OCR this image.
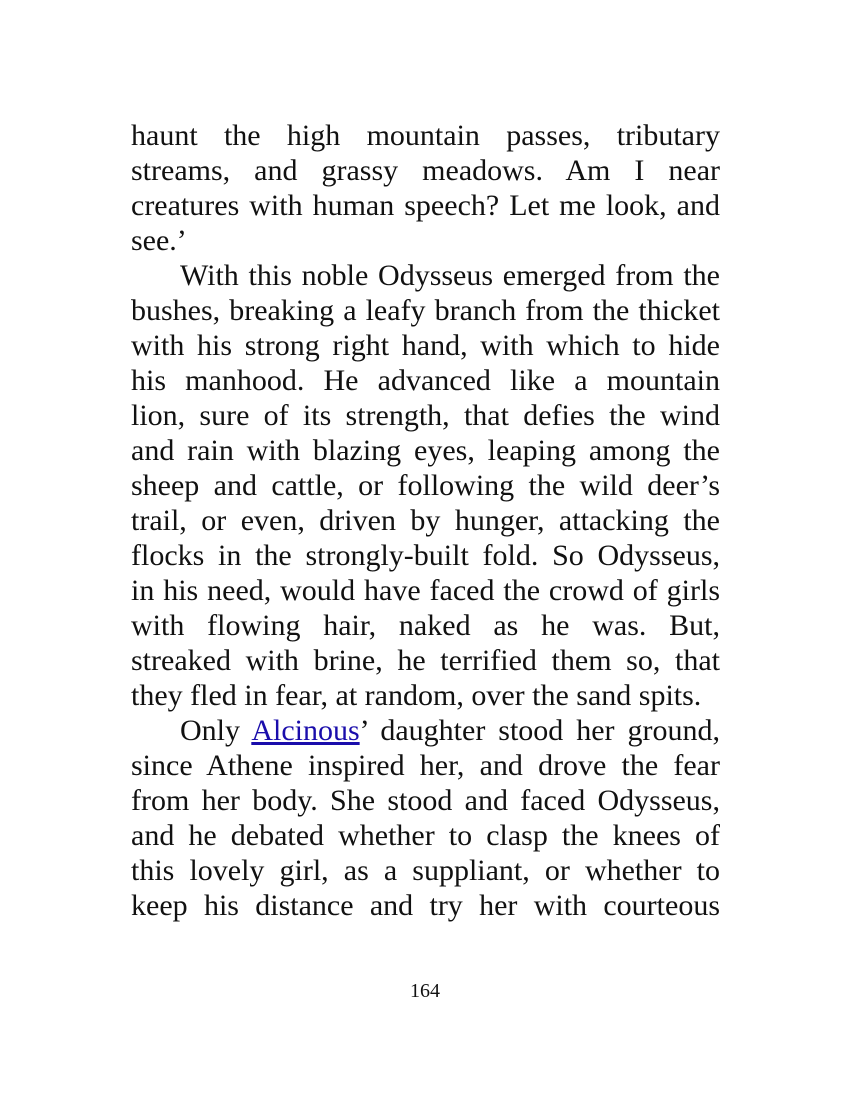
haunt the high mountain passes, tributary
streams, and grassy meadows. Am I near
creatures with human speech? Let me look, and
see.’
With this noble Odysseus emerged from the
bushes, breaking a leafy branch from the thicket
with his strong right hand, with which to hide
his manhood. He advanced like a mountain
lion, sure of its strength, that defies the wind
and rain with blazing eyes, leaping among the
sheep and cattle, or following the wild deer’s
trail, or even, driven by hunger, attacking the
flocks in the strongly-built fold. So Odysseus,
in his need, would have faced the crowd of girls
with flowing hair, naked as he was. But,
streaked with brine, he terrified them so, that
they fled in fear, at random, over the sand spits.
Only Alcinous’ daughter stood her ground,
since Athene inspired her, and drove the fear
from her body. She stood and faced Odysseus,
and he debated whether to clasp the knees of
this lovely girl, as a suppliant, or whether to
keep his distance and try her with courteous
164
